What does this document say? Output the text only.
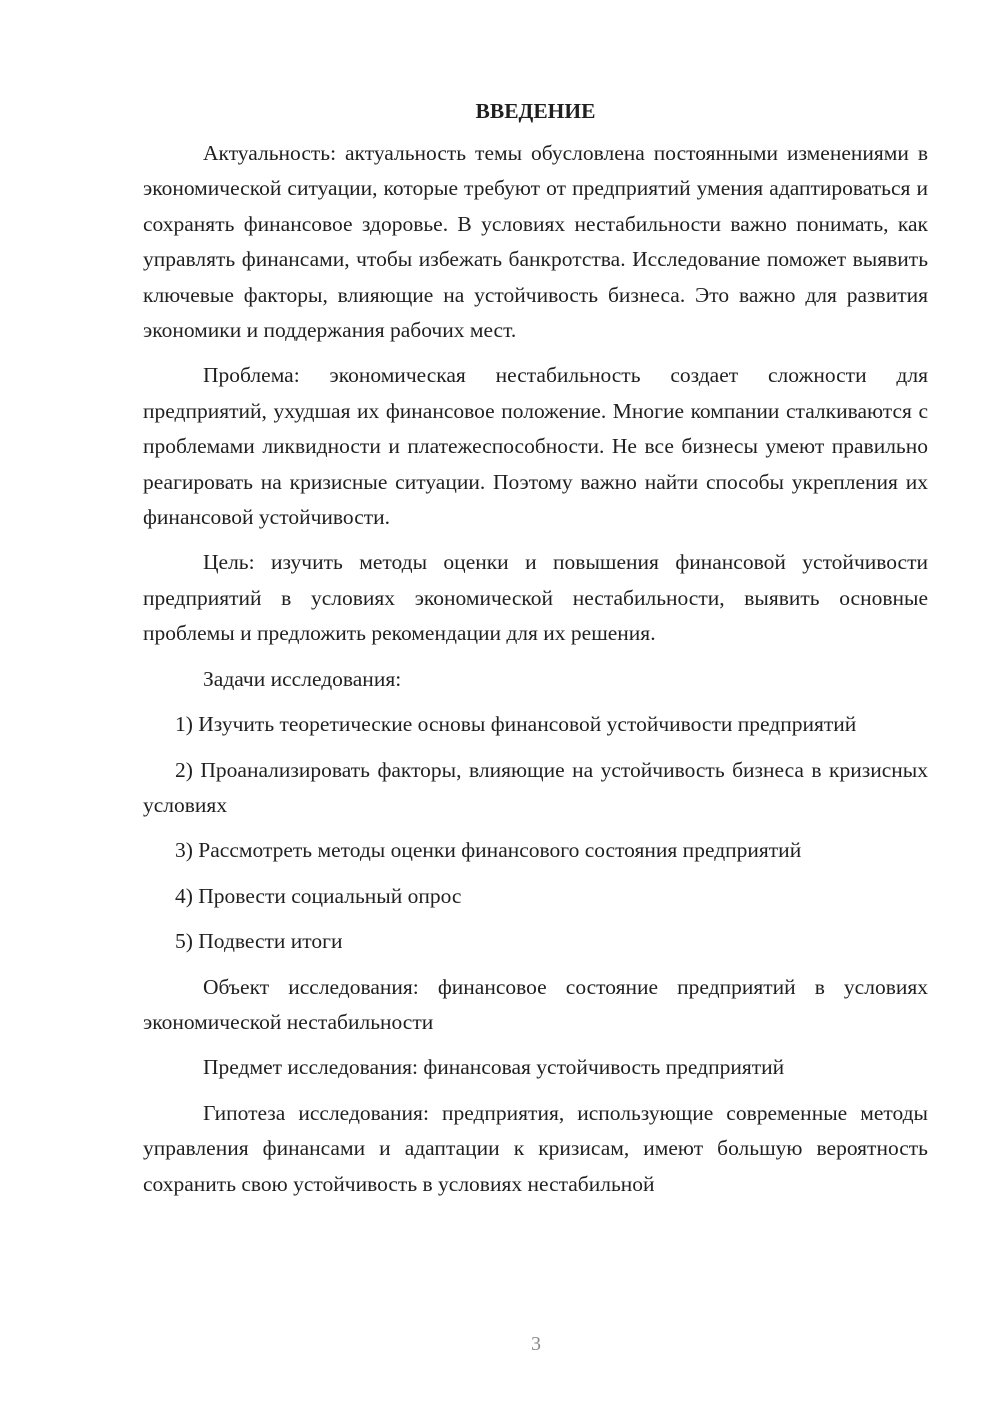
ВВЕДЕНИЕ

Актуальность: актуальность темы обусловлена постоянными изменениями в экономической ситуации, которые требуют от предприятий умения адаптироваться и сохранять финансовое здоровье. В условиях нестабильности важно понимать, как управлять финансами, чтобы избежать банкротства. Исследование поможет выявить ключевые факторы, влияющие на устойчивость бизнеса. Это важно для развития экономики и поддержания рабочих мест.

Проблема: экономическая нестабильность создает сложности для предприятий, ухудшая их финансовое положение. Многие компании сталкиваются с проблемами ликвидности и платежеспособности. Не все бизнесы умеют правильно реагировать на кризисные ситуации. Поэтому важно найти способы укрепления их финансовой устойчивости.

Цель: изучить методы оценки и повышения финансовой устойчивости предприятий в условиях экономической нестабильности, выявить основные проблемы и предложить рекомендации для их решения.

Задачи исследования:

1) Изучить теоретические основы финансовой устойчивости предприятий

2) Проанализировать факторы, влияющие на устойчивость бизнеса в кризисных условиях

3) Рассмотреть методы оценки финансового состояния предприятий

4) Провести социальный опрос

5) Подвести итоги

Объект исследования: финансовое состояние предприятий в условиях экономической нестабильности

Предмет исследования: финансовая устойчивость предприятий

Гипотеза исследования: предприятия, использующие современные методы управления финансами и адаптации к кризисам, имеют большую вероятность сохранить свою устойчивость в условиях нестабильной

3
